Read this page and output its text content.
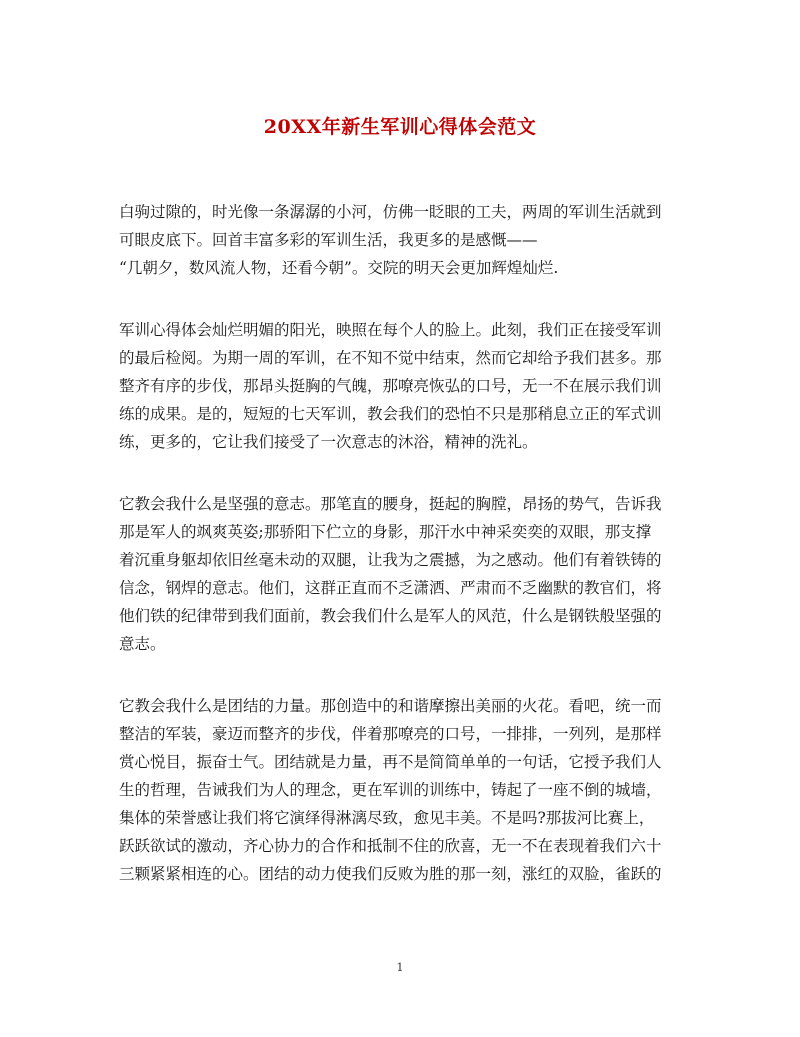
20XX年新生军训心得体会范文
白驹过隙的，时光像一条潺潺的小河，仿佛一眨眼的工夫，两周的军训生活就到
可眼皮底下。回首丰富多彩的军训生活，我更多的是感慨——
“几朝夕，数风流人物，还看今朝”。交院的明天会更加辉煌灿烂.
军训心得体会灿烂明媚的阳光，映照在每个人的脸上。此刻，我们正在接受军训
的最后检阅。为期一周的军训，在不知不觉中结束，然而它却给予我们甚多。那
整齐有序的步伐，那昂头挺胸的气魄，那嘹亮恢弘的口号，无一不在展示我们训
练的成果。是的，短短的七天军训，教会我们的恐怕不只是那稍息立正的军式训
练，更多的，它让我们接受了一次意志的沐浴，精神的洗礼。
它教会我什么是坚强的意志。那笔直的腰身，挺起的胸膛，昂扬的势气，告诉我
那是军人的飒爽英姿;那骄阳下伫立的身影，那汗水中神采奕奕的双眼，那支撑
着沉重身躯却依旧丝毫未动的双腿，让我为之震撼，为之感动。他们有着铁铸的
信念，钢焊的意志。他们，这群正直而不乏潇洒、严肃而不乏幽默的教官们，将
他们铁的纪律带到我们面前，教会我们什么是军人的风范，什么是钢铁般坚强的
意志。
它教会我什么是团结的力量。那创造中的和谐摩擦出美丽的火花。看吧，统一而
整洁的军装，豪迈而整齐的步伐，伴着那嘹亮的口号，一排排，一列列，是那样
赏心悦目，振奋士气。团结就是力量，再不是简简单单的一句话，它授予我们人
生的哲理，告诫我们为人的理念，更在军训的训练中，铸起了一座不倒的城墙，
集体的荣誉感让我们将它演绎得淋漓尽致，愈见丰美。不是吗?那拔河比赛上，
跃跃欲试的激动，齐心协力的合作和抵制不住的欣喜，无一不在表现着我们六十
三颗紧紧相连的心。团结的动力使我们反败为胜的那一刻，涨红的双脸，雀跃的
1
